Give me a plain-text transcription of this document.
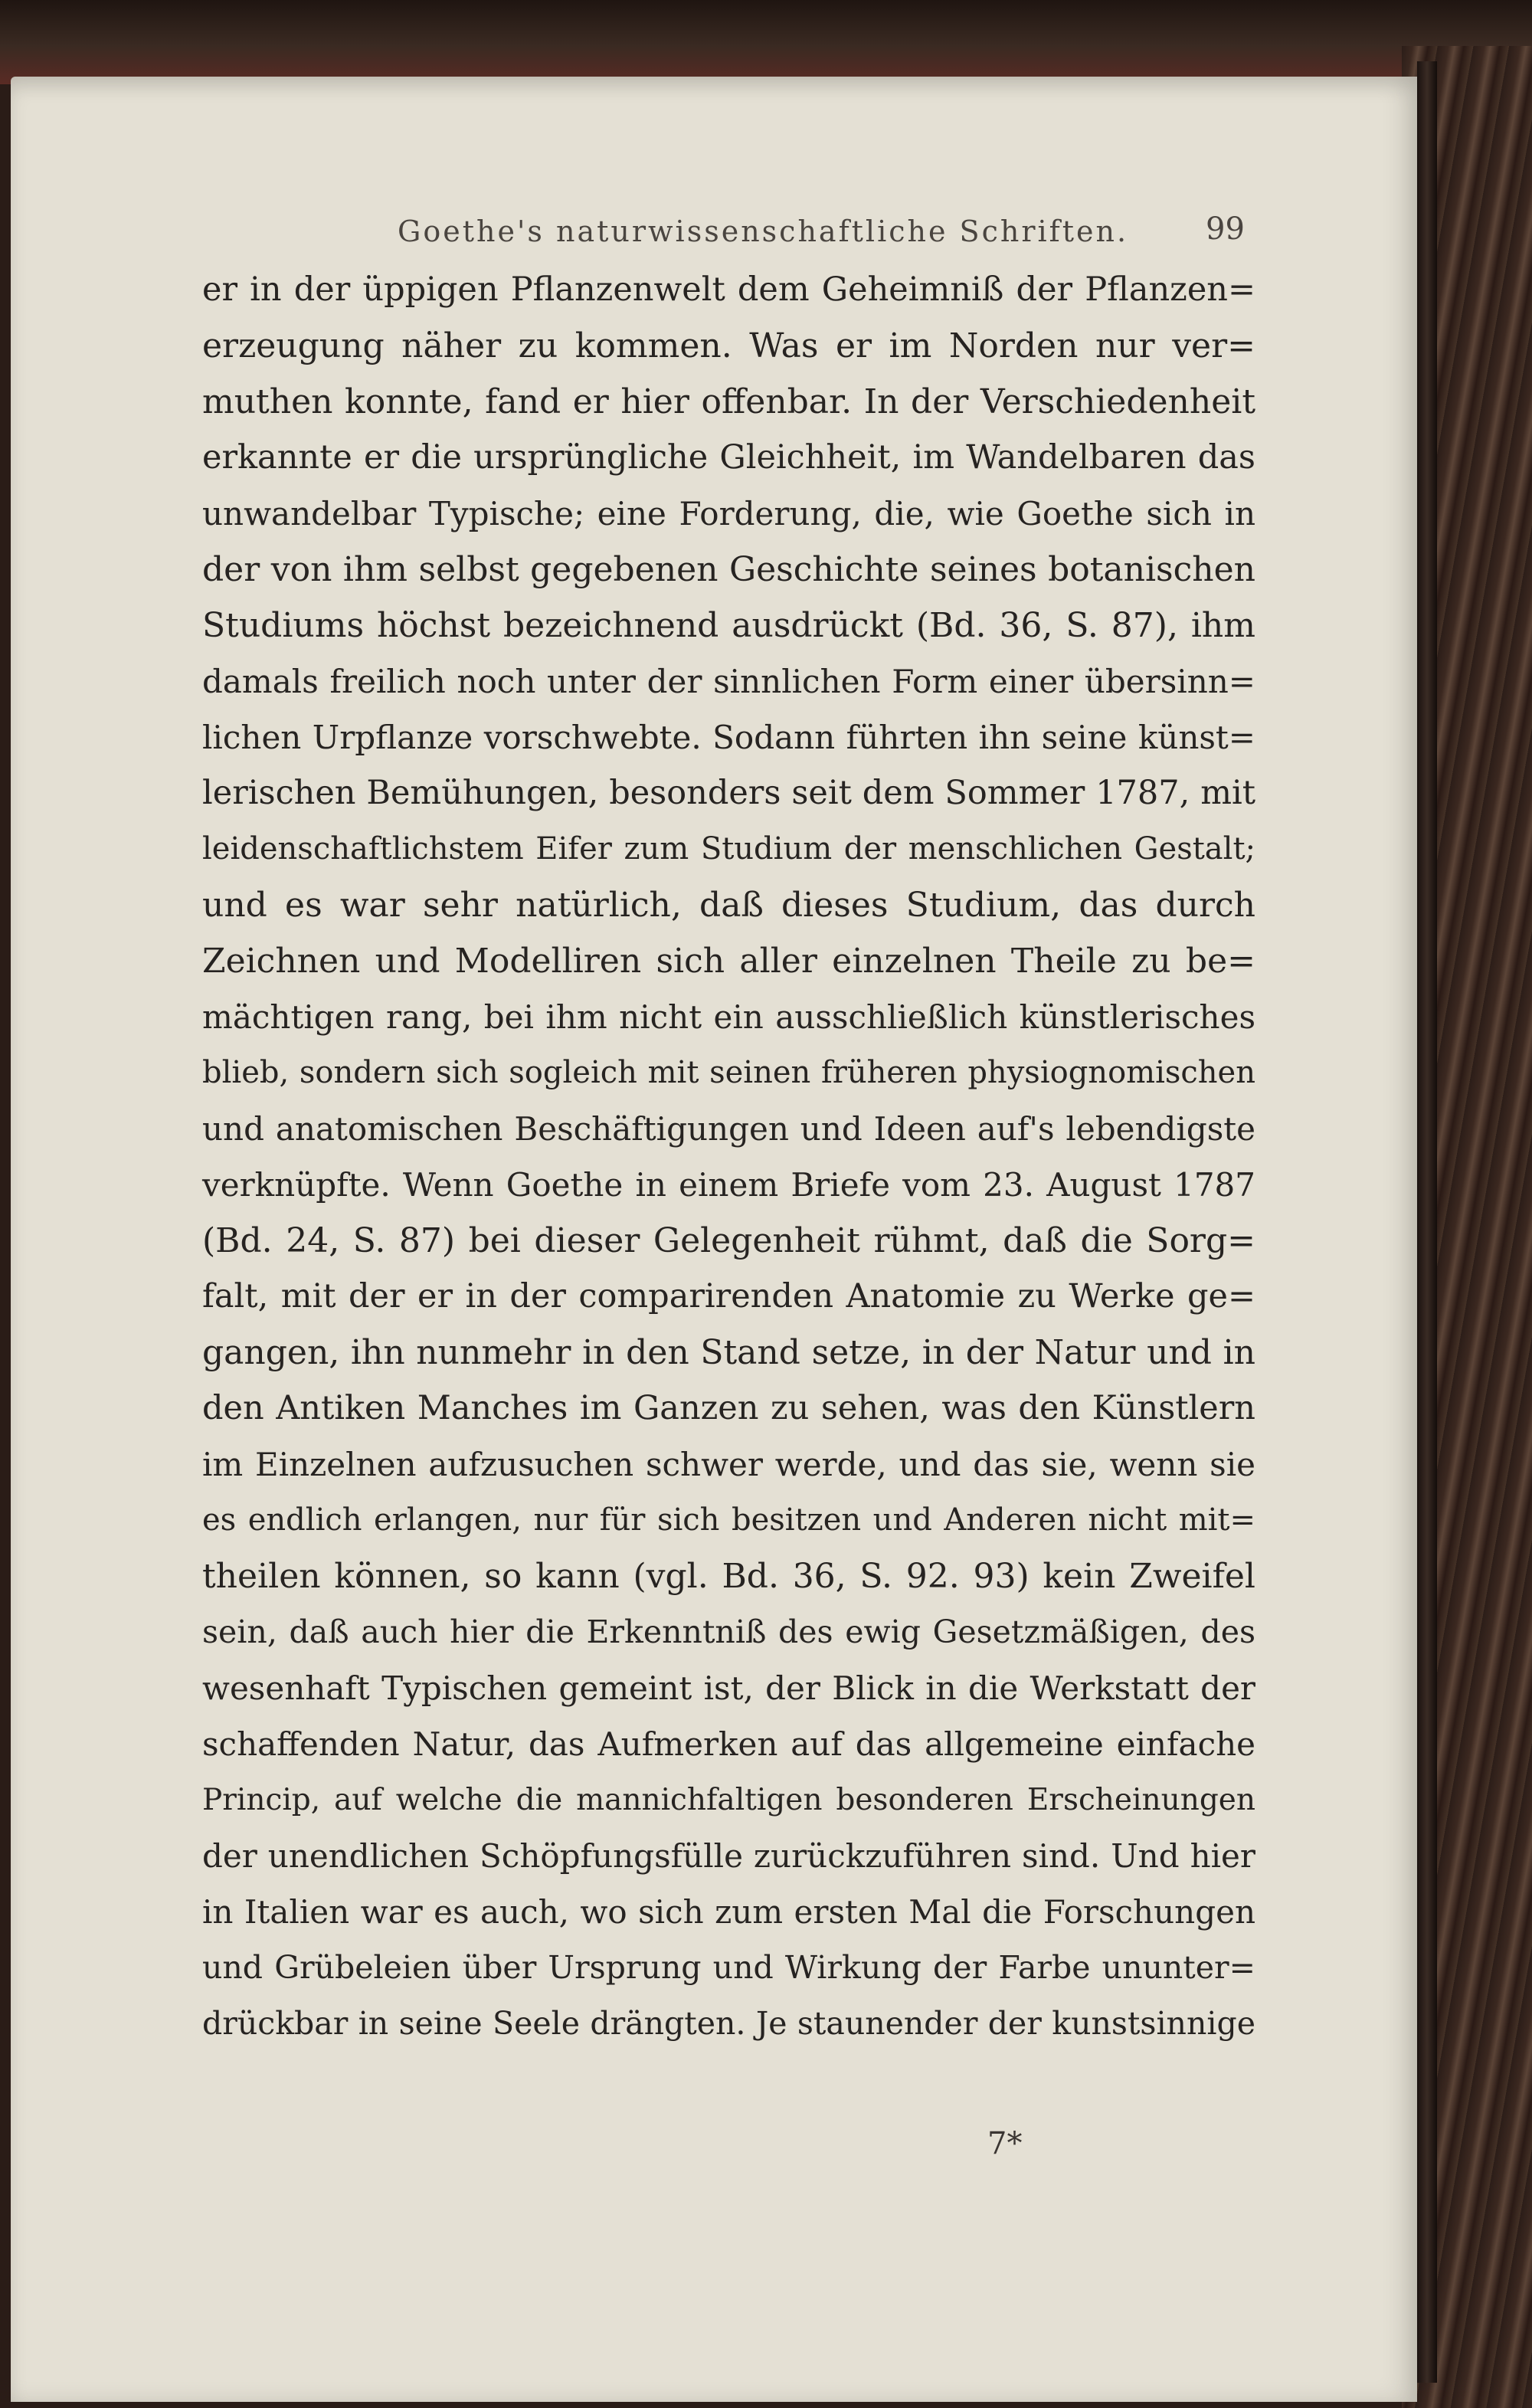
Goethe's naturwissenschaftliche Schriften.	99
er in der üppigen Pflanzenwelt dem Geheimniß der Pflanzen=
erzeugung näher zu kommen. Was er im Norden nur ver=
muthen konnte, fand er hier offenbar. In der Verschiedenheit
erkannte er die ursprüngliche Gleichheit, im Wandelbaren das
unwandelbar Typische; eine Forderung, die, wie Goethe sich in
der von ihm selbst gegebenen Geschichte seines botanischen
Studiums höchst bezeichnend ausdrückt (Bd. 36, S. 87), ihm
damals freilich noch unter der sinnlichen Form einer übersinn=
lichen Urpflanze vorschwebte. Sodann führten ihn seine künst=
lerischen Bemühungen, besonders seit dem Sommer 1787, mit
leidenschaftlichstem Eifer zum Studium der menschlichen Gestalt;
und es war sehr natürlich, daß dieses Studium, das durch
Zeichnen und Modelliren sich aller einzelnen Theile zu be=
mächtigen rang, bei ihm nicht ein ausschließlich künstlerisches
blieb, sondern sich sogleich mit seinen früheren physiognomischen
und anatomischen Beschäftigungen und Ideen auf's lebendigste
verknüpfte. Wenn Goethe in einem Briefe vom 23. August 1787
(Bd. 24, S. 87) bei dieser Gelegenheit rühmt, daß die Sorg=
falt, mit der er in der comparirenden Anatomie zu Werke ge=
gangen, ihn nunmehr in den Stand setze, in der Natur und in
den Antiken Manches im Ganzen zu sehen, was den Künstlern
im Einzelnen aufzusuchen schwer werde, und das sie, wenn sie
es endlich erlangen, nur für sich besitzen und Anderen nicht mit=
theilen können, so kann (vgl. Bd. 36, S. 92. 93) kein Zweifel
sein, daß auch hier die Erkenntniß des ewig Gesetzmäßigen, des
wesenhaft Typischen gemeint ist, der Blick in die Werkstatt der
schaffenden Natur, das Aufmerken auf das allgemeine einfache
Princip, auf welche die mannichfaltigen besonderen Erscheinungen
der unendlichen Schöpfungsfülle zurückzuführen sind. Und hier
in Italien war es auch, wo sich zum ersten Mal die Forschungen
und Grübeleien über Ursprung und Wirkung der Farbe ununter=
drückbar in seine Seele drängten. Je staunender der kunstsinnige
7*
